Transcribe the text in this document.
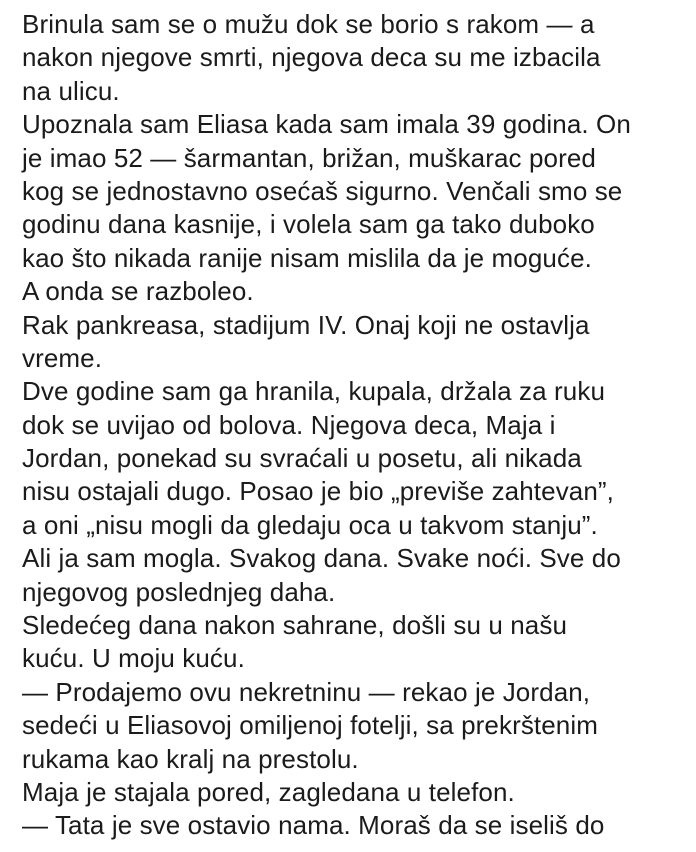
Brinula sam se o mužu dok se borio s rakom — a
nakon njegove smrti, njegova deca su me izbacila
na ulicu.
Upoznala sam Eliasa kada sam imala 39 godina. On
je imao 52 — šarmantan, brižan, muškarac pored
kog se jednostavno osećaš sigurno. Venčali smo se
godinu dana kasnije, i volela sam ga tako duboko
kao što nikada ranije nisam mislila da je moguće.
A onda se razboleo.
Rak pankreasa, stadijum IV. Onaj koji ne ostavlja
vreme.
Dve godine sam ga hranila, kupala, držala za ruku
dok se uvijao od bolova. Njegova deca, Maja i
Jordan, ponekad su svraćali u posetu, ali nikada
nisu ostajali dugo. Posao je bio „previše zahtevan”,
a oni „nisu mogli da gledaju oca u takvom stanju”.
Ali ja sam mogla. Svakog dana. Svake noći. Sve do
njegovog poslednjeg daha.
Sledećeg dana nakon sahrane, došli su u našu
kuću. U moju kuću.
— Prodajemo ovu nekretninu — rekao je Jordan,
sedeći u Eliasovoj omiljenoj fotelji, sa prekrštenim
rukama kao kralj na prestolu.
Maja je stajala pored, zagledana u telefon.
— Tata je sve ostavio nama. Moraš da se iseliš do
